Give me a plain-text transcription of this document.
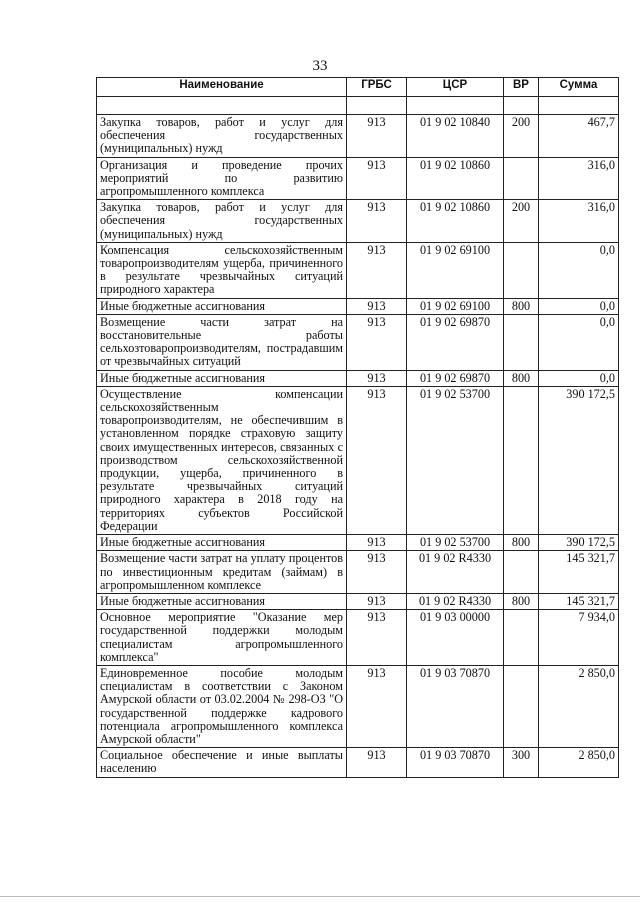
33
Наименование	ГРБС	ЦСР	ВР	Сумма

Закупка товаров, работ и услуг для обеспечения государственных (муниципальных) нужд	913	01 9 02 10840	200	467,7
Организация и проведение прочих мероприятий по развитию агропромышленного комплекса	913	01 9 02 10860		316,0
Закупка товаров, работ и услуг для обеспечения государственных (муниципальных) нужд	913	01 9 02 10860	200	316,0
Компенсация сельскохозяйственным товаропроизводителям ущерба, причиненного в результате чрезвычайных ситуаций природного характера	913	01 9 02 69100		0,0
Иные бюджетные ассигнования	913	01 9 02 69100	800	0,0
Возмещение части затрат на восстановительные работы сельхозтоваропроизводителям, пострадавшим от чрезвычайных ситуаций	913	01 9 02 69870		0,0
Иные бюджетные ассигнования	913	01 9 02 69870	800	0,0
Осуществление компенсации сельскохозяйственным товаропроизводителям, не обеспечившим в установленном порядке страховую защиту своих имущественных интересов, связанных с производством сельскохозяйственной продукции, ущерба, причиненного в результате чрезвычайных ситуаций природного характера в 2018 году на территориях субъектов Российской Федерации	913	01 9 02 53700		390 172,5
Иные бюджетные ассигнования	913	01 9 02 53700	800	390 172,5
Возмещение части затрат на уплату процентов по инвестиционным кредитам (займам) в агропромышленном комплексе	913	01 9 02 R4330		145 321,7
Иные бюджетные ассигнования	913	01 9 02 R4330	800	145 321,7
Основное мероприятие "Оказание мер государственной поддержки молодым специалистам агропромышленного комплекса"	913	01 9 03 00000		7 934,0
Единовременное пособие молодым специалистам в соответствии с Законом Амурской области от 03.02.2004 № 298-ОЗ "О государственной поддержке кадрового потенциала агропромышленного комплекса Амурской области"	913	01 9 03 70870		2 850,0
Социальное обеспечение и иные выплаты населению	913	01 9 03 70870	300	2 850,0
